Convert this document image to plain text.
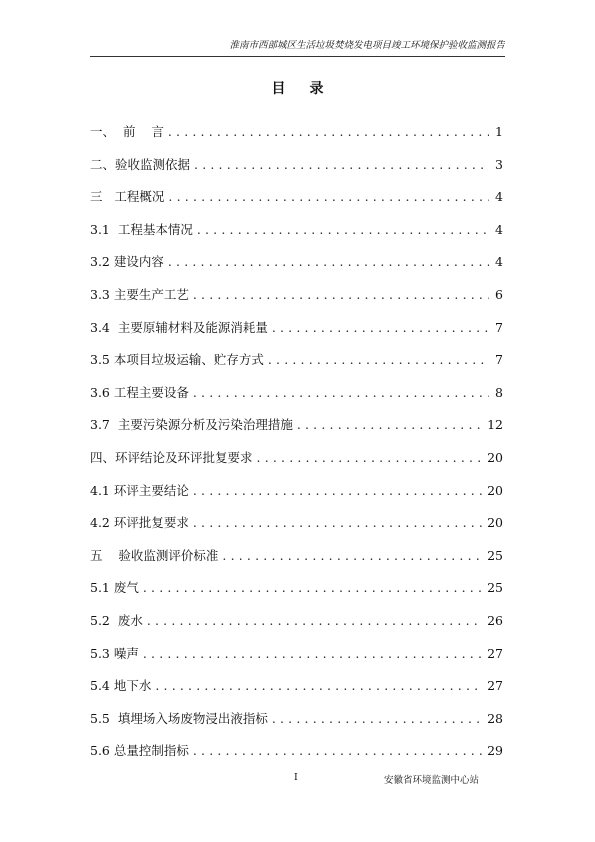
淮南市西部城区生活垃圾焚烧发电项目竣工环境保护验收监测报告
目 录
一、  前    言 .....	1
二、验收监测依据 .....	3
三   工程概况 .....	4
3.1  工程基本情况 .....	4
3.2 建设内容 .....	4
3.3 主要生产工艺 .....	6
3.4  主要原辅材料及能源消耗量 .....	7
3.5 本项目垃圾运输、贮存方式 .....	7
3.6 工程主要设备 .....	8
3.7  主要污染源分析及污染治理措施 .....	12
四、环评结论及环评批复要求 .....	20
4.1 环评主要结论 .....	20
4.2 环评批复要求 .....	20
五    验收监测评价标准 .....	25
5.1 废气 .....	25
5.2  废水 .....	26
5.3 噪声 .....	27
5.4 地下水 .....	27
5.5  填埋场入场废物浸出液指标 .....	28
5.6 总量控制指标 .....	29
I	安徽省环境监测中心站
